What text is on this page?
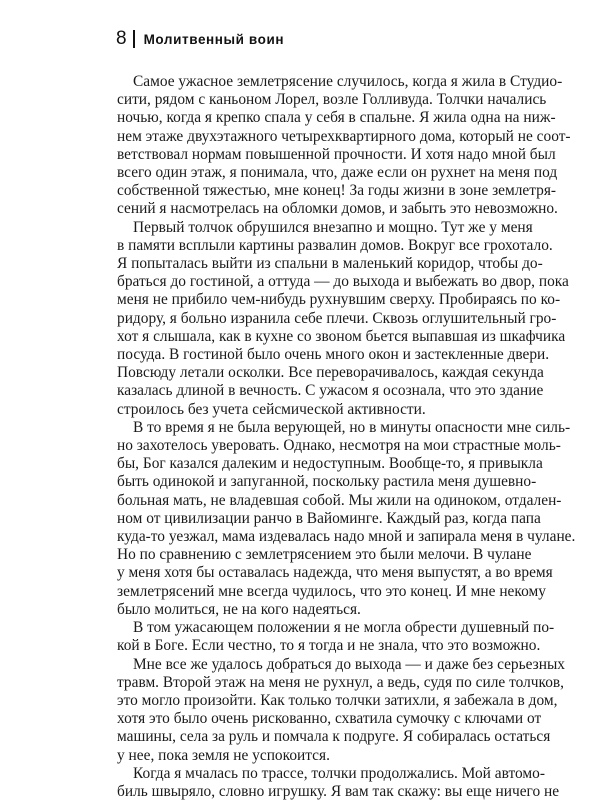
8 Молитвенный воин

Самое ужасное землетрясение случилось, когда я жила в Студио-
сити, рядом с каньоном Лорел, возле Голливуда. Толчки начались
ночью, когда я крепко спала у себя в спальне. Я жила одна на ниж-
нем этаже двухэтажного четырехквартирного дома, который не соот-
ветствовал нормам повышенной прочности. И хотя надо мной был
всего один этаж, я понимала, что, даже если он рухнет на меня под
собственной тяжестью, мне конец! За годы жизни в зоне землетря-
сений я насмотрелась на обломки домов, и забыть это невозможно.

Первый толчок обрушился внезапно и мощно. Тут же у меня
в памяти всплыли картины развалин домов. Вокруг все грохотало.
Я попыталась выйти из спальни в маленький коридор, чтобы до-
браться до гостиной, а оттуда — до выхода и выбежать во двор, пока
меня не прибило чем-нибудь рухнувшим сверху. Пробираясь по ко-
ридору, я больно изранила себе плечи. Сквозь оглушительный гро-
хот я слышала, как в кухне со звоном бьется выпавшая из шкафчика
посуда. В гостиной было очень много окон и застекленные двери.
Повсюду летали осколки. Все переворачивалось, каждая секунда
казалась длиной в вечность. С ужасом я осознала, что это здание
строилось без учета сейсмической активности.

В то время я не была верующей, но в минуты опасности мне силь-
но захотелось уверовать. Однако, несмотря на мои страстные моль-
бы, Бог казался далеким и недоступным. Вообще-то, я привыкла
быть одинокой и запуганной, поскольку растила меня душевно-
больная мать, не владевшая собой. Мы жили на одиноком, отдален-
ном от цивилизации ранчо в Вайоминге. Каждый раз, когда папа
куда-то уезжал, мама издевалась надо мной и запирала меня в чулане.
Но по сравнению с землетрясением это были мелочи. В чулане
у меня хотя бы оставалась надежда, что меня выпустят, а во время
землетрясений мне всегда чудилось, что это конец. И мне некому
было молиться, не на кого надеяться.

В том ужасающем положении я не могла обрести душевный по-
кой в Боге. Если честно, то я тогда и не знала, что это возможно.

Мне все же удалось добраться до выхода — и даже без серьезных
травм. Второй этаж на меня не рухнул, а ведь, судя по силе толчков,
это могло произойти. Как только толчки затихли, я забежала в дом,
хотя это было очень рискованно, схватила сумочку с ключами от
машины, села за руль и помчала к подруге. Я собиралась остаться
у нее, пока земля не успокоится.

Когда я мчалась по трассе, толчки продолжались. Мой автомо-
биль швыряло, словно игрушку. Я вам так скажу: вы еще ничего не
